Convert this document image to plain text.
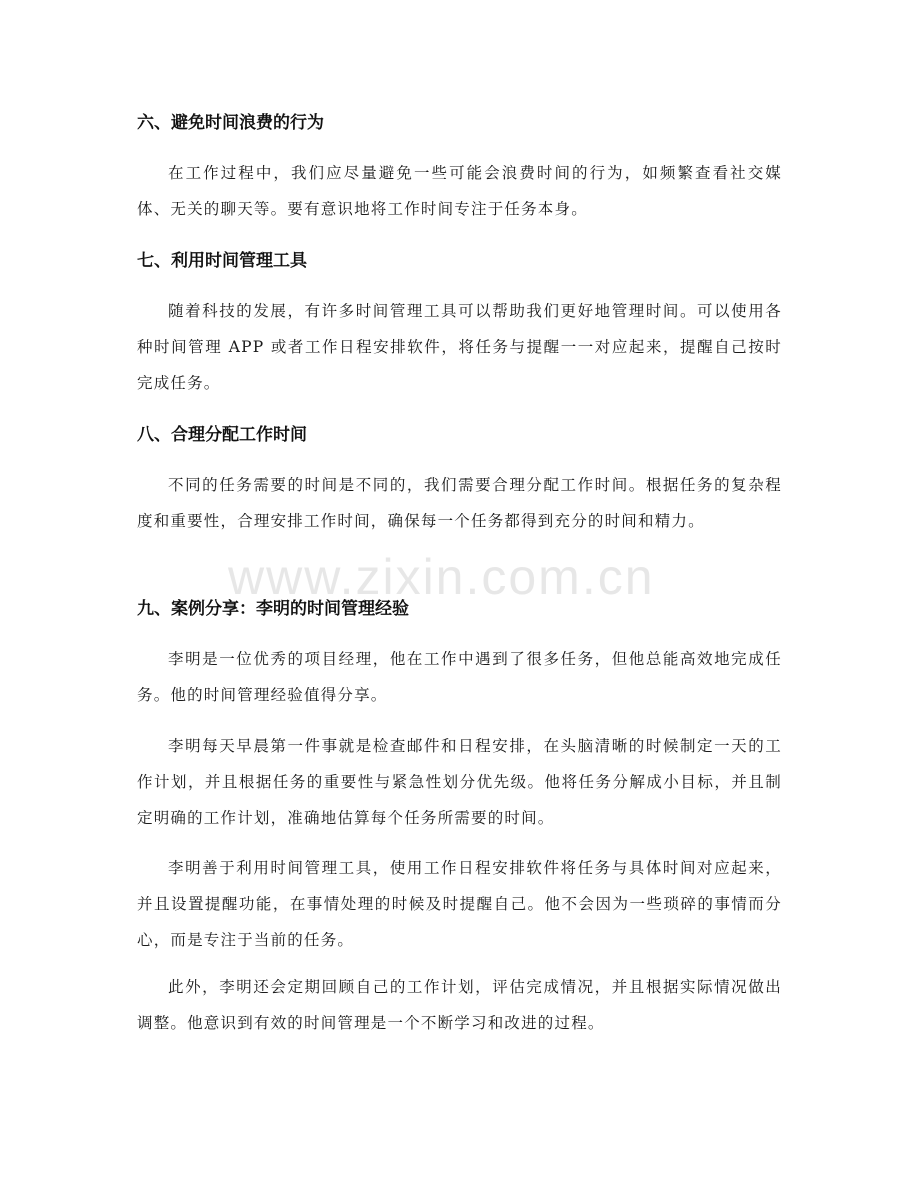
六、避免时间浪费的行为

在工作过程中，我们应尽量避免一些可能会浪费时间的行为，如频繁查看社交媒体、无关的聊天等。要有意识地将工作时间专注于任务本身。

七、利用时间管理工具

随着科技的发展，有许多时间管理工具可以帮助我们更好地管理时间。可以使用各种时间管理 APP 或者工作日程安排软件，将任务与提醒一一对应起来，提醒自己按时完成任务。

八、合理分配工作时间

不同的任务需要的时间是不同的，我们需要合理分配工作时间。根据任务的复杂程度和重要性，合理安排工作时间，确保每一个任务都得到充分的时间和精力。

www.zixin.com.cn
九、案例分享：李明的时间管理经验

李明是一位优秀的项目经理，他在工作中遇到了很多任务，但他总能高效地完成任务。他的时间管理经验值得分享。

李明每天早晨第一件事就是检查邮件和日程安排，在头脑清晰的时候制定一天的工作计划，并且根据任务的重要性与紧急性划分优先级。他将任务分解成小目标，并且制定明确的工作计划，准确地估算每个任务所需要的时间。

李明善于利用时间管理工具，使用工作日程安排软件将任务与具体时间对应起来，并且设置提醒功能，在事情处理的时候及时提醒自己。他不会因为一些琐碎的事情而分心，而是专注于当前的任务。

此外，李明还会定期回顾自己的工作计划，评估完成情况，并且根据实际情况做出调整。他意识到有效的时间管理是一个不断学习和改进的过程。
